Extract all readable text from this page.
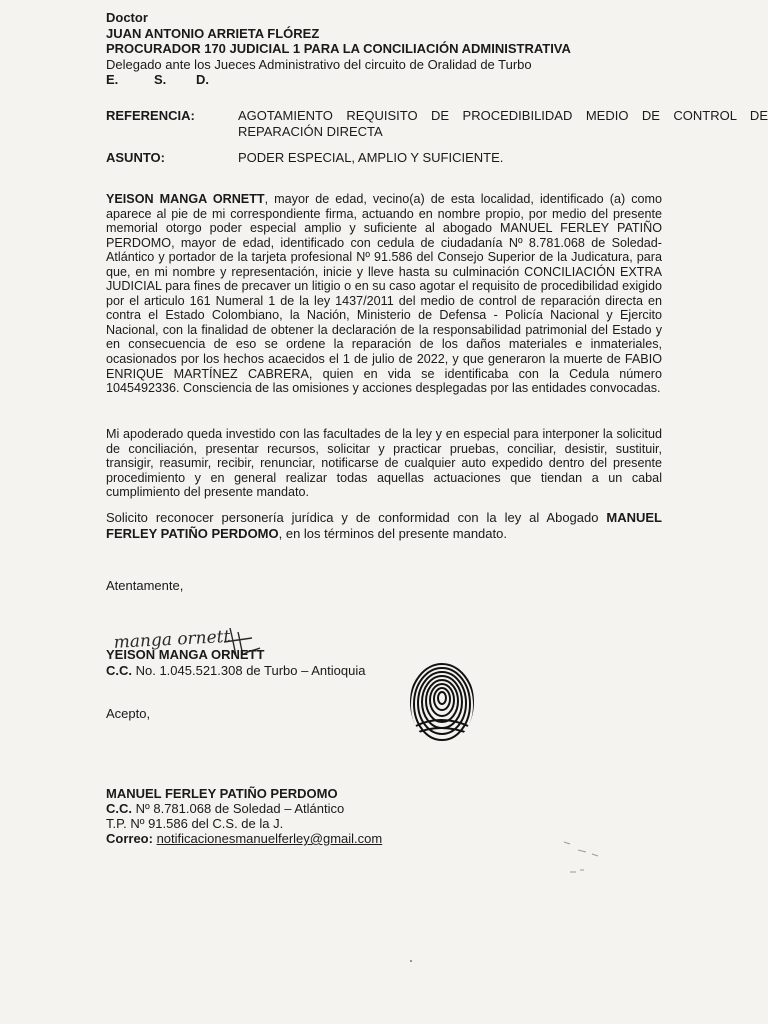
Doctor
JUAN ANTONIO ARRIETA FLÓREZ
PROCURADOR 170 JUDICIAL 1 PARA LA CONCILIACIÓN ADMINISTRATIVA
Delegado ante los Jueces Administrativo del circuito de Oralidad de Turbo
E.	S. D.
REFERENCIA:	AGOTAMIENTO REQUISITO DE PROCEDIBILIDAD MEDIO DE CONTROL DE REPARACIÓN DIRECTA
ASUNTO:	PODER ESPECIAL, AMPLIO Y SUFICIENTE.
YEISON MANGA ORNETT, mayor de edad, vecino(a) de esta localidad, identificado (a) como aparece al pie de mi correspondiente firma, actuando en nombre propio, por medio del presente memorial otorgo poder especial amplio y suficiente al abogado MANUEL FERLEY PATIÑO PERDOMO, mayor de edad, identificado con cedula de ciudadanía Nº 8.781.068 de Soledad-Atlántico y portador de la tarjeta profesional Nº 91.586 del Consejo Superior de la Judicatura, para que, en mi nombre y representación, inicie y lleve hasta su culminación CONCILIACIÓN EXTRA JUDICIAL para fines de precaver un litigio o en su caso agotar el requisito de procedibilidad exigido por el articulo 161 Numeral 1 de la ley 1437/2011 del medio de control de reparación directa en contra el Estado Colombiano, la Nación, Ministerio de Defensa - Policía Nacional y Ejercito Nacional, con la finalidad de obtener la declaración de la responsabilidad patrimonial del Estado y en consecuencia de eso se ordene la reparación de los daños materiales e inmateriales, ocasionados por los hechos acaecidos el 1 de julio de 2022, y que generaron la muerte de FABIO ENRIQUE MARTÍNEZ CABRERA, quien en vida se identificaba con la Cedula número 1045492336. Consciencia de las omisiones y acciones desplegadas por las entidades convocadas.
Mi apoderado queda investido con las facultades de la ley y en especial para interponer la solicitud de conciliación, presentar recursos, solicitar y practicar pruebas, conciliar, desistir, sustituir, transigir, reasumir, recibir, renunciar, notificarse de cualquier auto expedido dentro del presente procedimiento y en general realizar todas aquellas actuaciones que tiendan a un cabal cumplimiento del presente mandato.
Solicito reconocer personería jurídica y de conformidad con la ley al Abogado MANUEL FERLEY PATIÑO PERDOMO, en los términos del presente mandato.
Atentamente,
manga ornett
YEISON MANGA ORNETT
C.C. No. 1.045.521.308 de Turbo – Antioquia
Acepto,
MANUEL FERLEY PATIÑO PERDOMO
C.C. Nº 8.781.068 de Soledad – Atlántico
T.P. Nº 91.586 del C.S. de la J.
Correo: notificacionesmanuelferley@gmail.com
